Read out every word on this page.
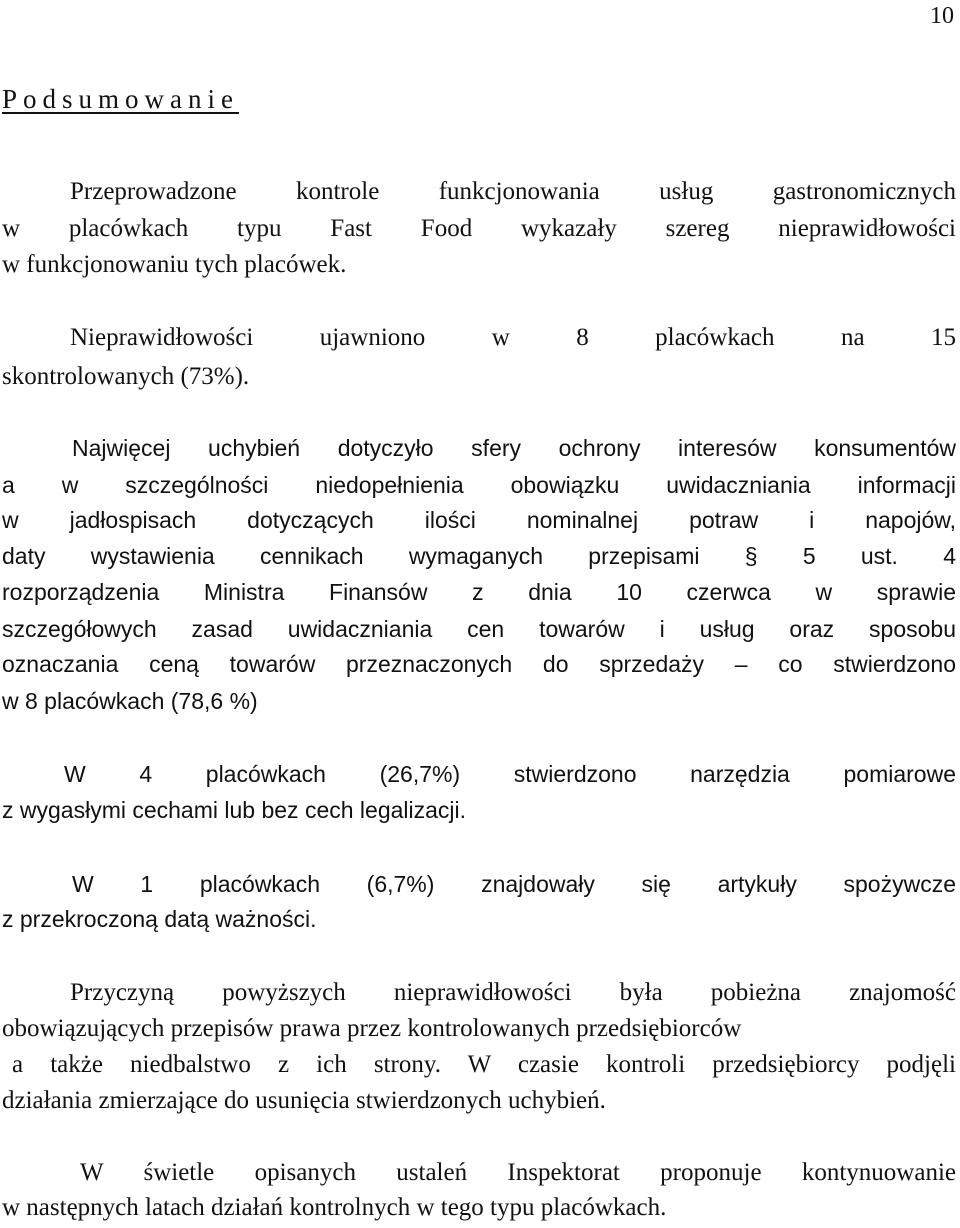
10
Podsumowanie
Przeprowadzone kontrole funkcjonowania usług gastronomicznych
w placówkach typu Fast Food wykazały szereg nieprawidłowości
w funkcjonowaniu tych placówek.
Nieprawidłowości ujawniono w 8 placówkach na 15
skontrolowanych (73%).
Najwięcej uchybień dotyczyło sfery ochrony interesów konsumentów
a w szczególności niedopełnienia obowiązku uwidaczniania informacji
w jadłospisach dotyczących ilości nominalnej potraw i napojów,
daty wystawienia cennikach wymaganych przepisami § 5 ust. 4
rozporządzenia Ministra Finansów z dnia 10 czerwca w sprawie
szczegółowych zasad uwidaczniania cen towarów i usług oraz sposobu
oznaczania ceną towarów przeznaczonych do sprzedaży – co stwierdzono
w 8 placówkach (78,6 %)
W 4 placówkach (26,7%) stwierdzono narzędzia pomiarowe
z wygasłymi cechami lub bez cech legalizacji.
W 1 placówkach (6,7%) znajdowały się artykuły spożywcze
z przekroczoną datą ważności.
Przyczyną powyższych nieprawidłowości była pobieżna znajomość
obowiązujących przepisów prawa przez kontrolowanych przedsiębiorców
a także niedbalstwo z ich strony. W czasie kontroli przedsiębiorcy podjęli
działania zmierzające do usunięcia stwierdzonych uchybień.
W świetle opisanych ustaleń Inspektorat proponuje kontynuowanie
w następnych latach działań kontrolnych w tego typu placówkach.
